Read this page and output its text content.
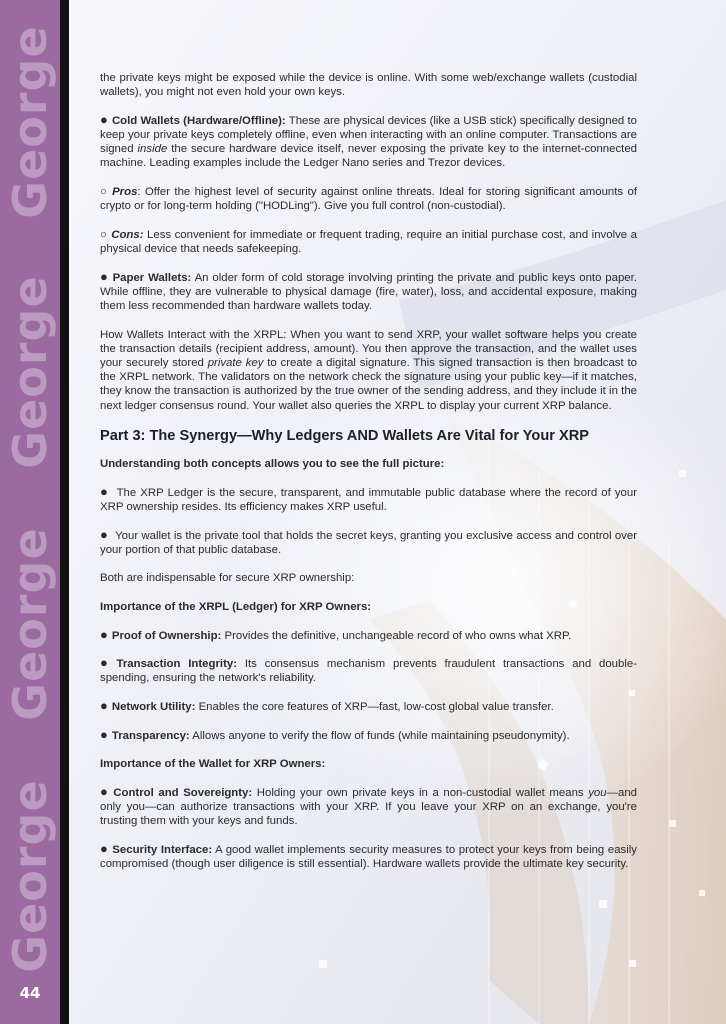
George
George
George
George
44

the private keys might be exposed while the device is online. With some web/exchange wallets (custodial wallets), you might not even hold your own keys.

● Cold Wallets (Hardware/Offline): These are physical devices (like a USB stick) specifically designed to keep your private keys completely offline, even when interacting with an online computer. Transactions are signed inside the secure hardware device itself, never exposing the private key to the internet-connected machine. Leading examples include the Ledger Nano series and Trezor devices.

○ Pros: Offer the highest level of security against online threats. Ideal for storing significant amounts of crypto or for long-term holding ("HODLing"). Give you full control (non-custodial).

○ Cons: Less convenient for immediate or frequent trading, require an initial purchase cost, and involve a physical device that needs safekeeping.

● Paper Wallets: An older form of cold storage involving printing the private and public keys onto paper. While offline, they are vulnerable to physical damage (fire, water), loss, and accidental exposure, making them less recommended than hardware wallets today.

How Wallets Interact with the XRPL: When you want to send XRP, your wallet software helps you create the transaction details (recipient address, amount). You then approve the transaction, and the wallet uses your securely stored private key to create a digital signature. This signed transaction is then broadcast to the XRPL network. The validators on the network check the signature using your public key—if it matches, they know the transaction is authorized by the true owner of the sending address, and they include it in the next ledger consensus round. Your wallet also queries the XRPL to display your current XRP balance.

Part 3: The Synergy—Why Ledgers AND Wallets Are Vital for Your XRP

Understanding both concepts allows you to see the full picture:

● The XRP Ledger is the secure, transparent, and immutable public database where the record of your XRP ownership resides. Its efficiency makes XRP useful.

● Your wallet is the private tool that holds the secret keys, granting you exclusive access and control over your portion of that public database.

Both are indispensable for secure XRP ownership:

Importance of the XRPL (Ledger) for XRP Owners:

● Proof of Ownership: Provides the definitive, unchangeable record of who owns what XRP.

● Transaction Integrity: Its consensus mechanism prevents fraudulent transactions and double-spending, ensuring the network's reliability.

● Network Utility: Enables the core features of XRP—fast, low-cost global value transfer.

● Transparency: Allows anyone to verify the flow of funds (while maintaining pseudonymity).

Importance of the Wallet for XRP Owners:

● Control and Sovereignty: Holding your own private keys in a non-custodial wallet means you—and only you—can authorize transactions with your XRP. If you leave your XRP on an exchange, you're trusting them with your keys and funds.

● Security Interface: A good wallet implements security measures to protect your keys from being easily compromised (though user diligence is still essential). Hardware wallets provide the ultimate key security.
